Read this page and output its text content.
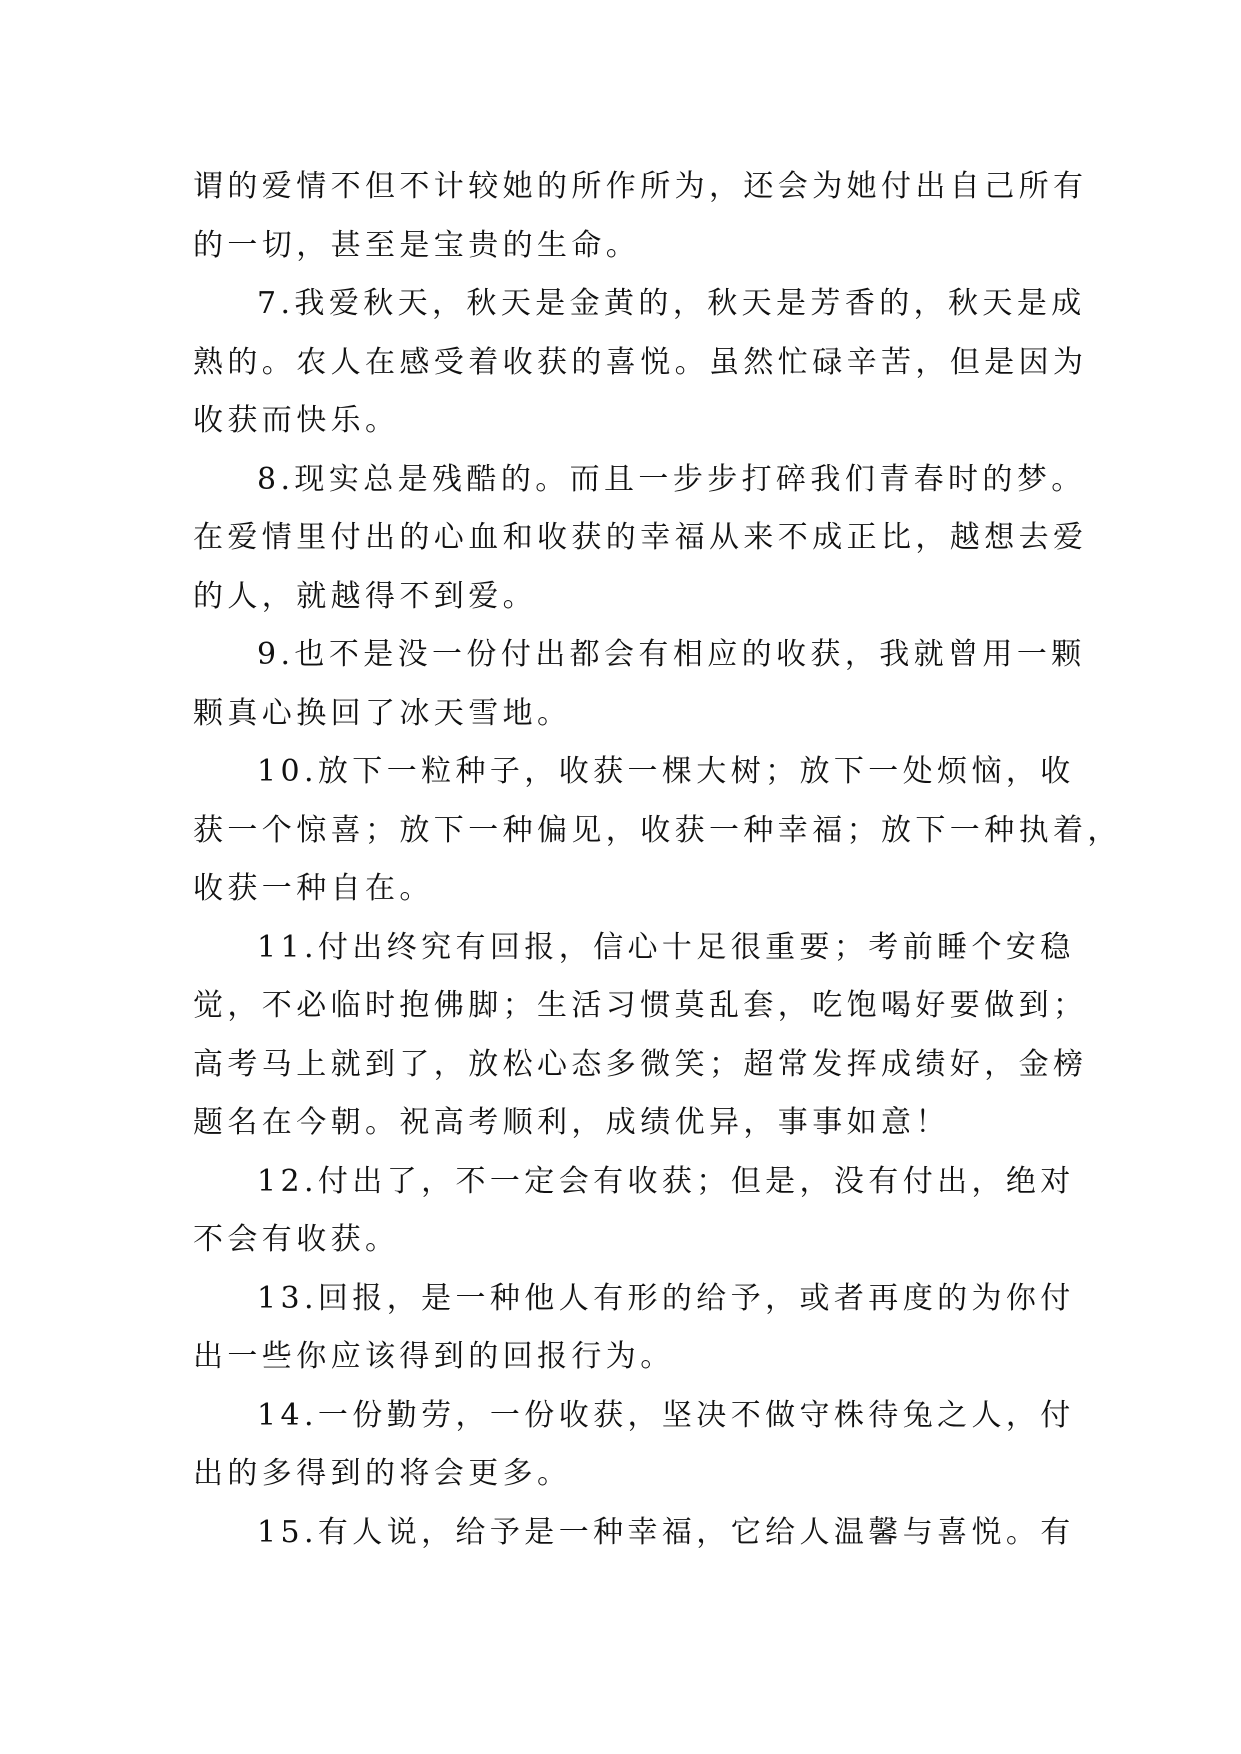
谓的爱情不但不计较她的所作所为，还会为她付出自己所有
的一切，甚至是宝贵的生命。
7.我爱秋天，秋天是金黄的，秋天是芳香的，秋天是成
熟的。农人在感受着收获的喜悦。虽然忙碌辛苦，但是因为
收获而快乐。
8.现实总是残酷的。而且一步步打碎我们青春时的梦。
在爱情里付出的心血和收获的幸福从来不成正比，越想去爱
的人，就越得不到爱。
9.也不是没一份付出都会有相应的收获，我就曾用一颗
颗真心换回了冰天雪地。
10.放下一粒种子，收获一棵大树；放下一处烦恼，收
获一个惊喜；放下一种偏见，收获一种幸福；放下一种执着，
收获一种自在。
11.付出终究有回报，信心十足很重要；考前睡个安稳
觉，不必临时抱佛脚；生活习惯莫乱套，吃饱喝好要做到；
高考马上就到了，放松心态多微笑；超常发挥成绩好，金榜
题名在今朝。祝高考顺利，成绩优异，事事如意！
12.付出了，不一定会有收获；但是，没有付出，绝对
不会有收获。
13.回报，是一种他人有形的给予，或者再度的为你付
出一些你应该得到的回报行为。
14.一份勤劳，一份收获，坚决不做守株待兔之人，付
出的多得到的将会更多。
15.有人说，给予是一种幸福，它给人温馨与喜悦。有
